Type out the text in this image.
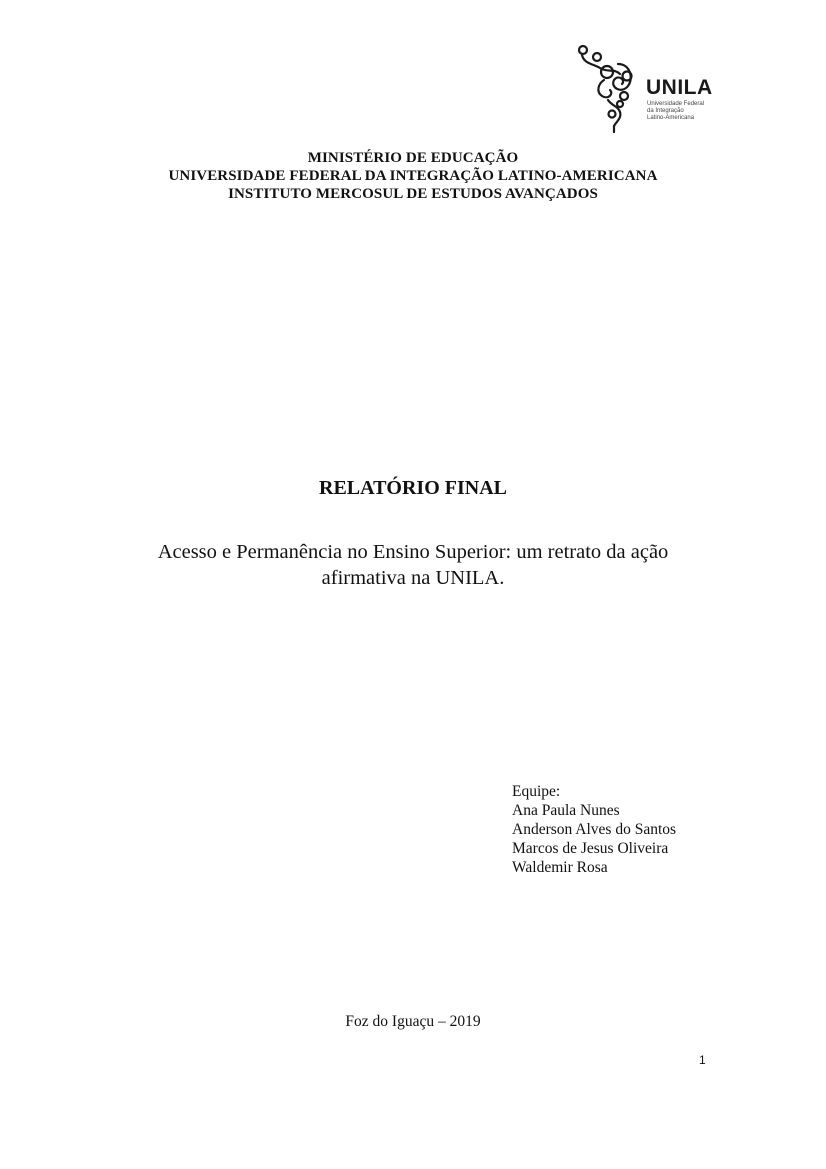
UNILA
Universidade Federal
da Integração
Latino-Americana
MINISTÉRIO DE EDUCAÇÃO
UNIVERSIDADE FEDERAL DA INTEGRAÇÃO LATINO-AMERICANA
INSTITUTO MERCOSUL DE ESTUDOS AVANÇADOS
RELATÓRIO FINAL
Acesso e Permanência no Ensino Superior: um retrato da ação
afirmativa na UNILA.
Equipe:
Ana Paula Nunes
Anderson Alves do Santos
Marcos de Jesus Oliveira
Waldemir Rosa
Foz do Iguaçu – 2019
1
